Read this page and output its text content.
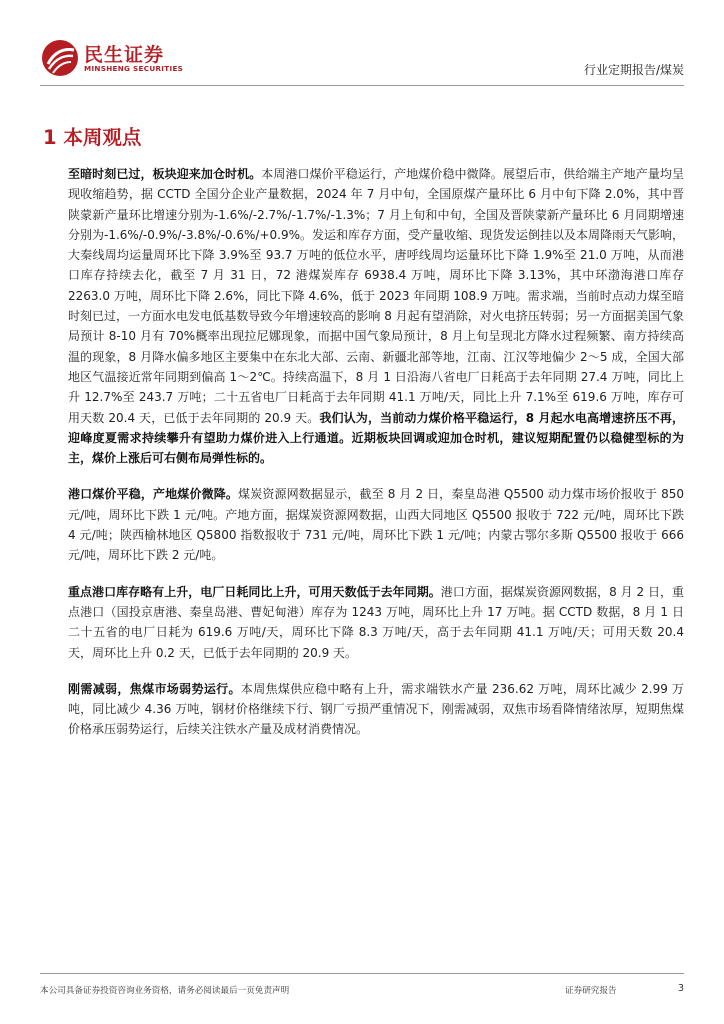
民生证券
MINSHENG SECURITIES	行业定期报告/煤炭
1 本周观点

至暗时刻已过，板块迎来加仓时机。本周港口煤价平稳运行，产地煤价稳中微降。展望后市，供给端主产地产量均呈现收缩趋势，据 CCTD 全国分企业产量数据，2024 年 7 月中旬，全国原煤产量环比 6 月中旬下降 2.0%，其中晋陕蒙新产量环比增速分别为-1.6%/-2.7%/-1.7%/-1.3%；7 月上旬和中旬，全国及晋陕蒙新产量环比 6 月同期增速分别为-1.6%/-0.9%/-3.8%/-0.6%/+0.9%。发运和库存方面，受产量收缩、现货发运倒挂以及本周降雨天气影响，大秦线周均运量周环比下降 3.9%至 93.7 万吨的低位水平，唐呼线周均运量环比下降 1.9%至 21.0 万吨，从而港口库存持续去化，截至 7 月 31 日，72 港煤炭库存 6938.4 万吨，周环比下降 3.13%，其中环渤海港口库存 2263.0 万吨，周环比下降 2.6%，同比下降 4.6%，低于 2023 年同期 108.9 万吨。需求端，当前时点动力煤至暗时刻已过，一方面水电发电低基数导致今年增速较高的影响 8 月起有望消除，对火电挤压转弱；另一方面据美国气象局预计 8-10 月有 70%概率出现拉尼娜现象，而据中国气象局预计，8 月上旬呈现北方降水过程频繁、南方持续高温的现象，8 月降水偏多地区主要集中在东北大部、云南、新疆北部等地，江南、江汉等地偏少 2～5 成，全国大部地区气温接近常年同期到偏高 1～2℃。持续高温下，8 月 1 日沿海八省电厂日耗高于去年同期 27.4 万吨，同比上升 12.7%至 243.7 万吨；二十五省电厂日耗高于去年同期 41.1 万吨/天，同比上升 7.1%至 619.6 万吨，库存可用天数 20.4 天，已低于去年同期的 20.9 天。我们认为，当前动力煤价格平稳运行，8 月起水电高增速挤压不再，迎峰度夏需求持续攀升有望助力煤价进入上行通道。近期板块回调或迎加仓时机，建议短期配置仍以稳健型标的为主，煤价上涨后可右侧布局弹性标的。

港口煤价平稳，产地煤价微降。煤炭资源网数据显示，截至 8 月 2 日，秦皇岛港 Q5500 动力煤市场价报收于 850 元/吨，周环比下跌 1 元/吨。产地方面，据煤炭资源网数据，山西大同地区 Q5500 报收于 722 元/吨，周环比下跌 4 元/吨；陕西榆林地区 Q5800 指数报收于 731 元/吨，周环比下跌 1 元/吨；内蒙古鄂尔多斯 Q5500 报收于 666 元/吨，周环比下跌 2 元/吨。

重点港口库存略有上升，电厂日耗同比上升，可用天数低于去年同期。港口方面，据煤炭资源网数据，8 月 2 日，重点港口（国投京唐港、秦皇岛港、曹妃甸港）库存为 1243 万吨，周环比上升 17 万吨。据 CCTD 数据，8 月 1 日二十五省的电厂日耗为 619.6 万吨/天，周环比下降 8.3 万吨/天，高于去年同期 41.1 万吨/天；可用天数 20.4 天，周环比上升 0.2 天，已低于去年同期的 20.9 天。

刚需减弱，焦煤市场弱势运行。本周焦煤供应稳中略有上升，需求端铁水产量 236.62 万吨，周环比减少 2.99 万吨，同比减少 4.36 万吨，钢材价格继续下行、钢厂亏损严重情况下，刚需减弱，双焦市场看降情绪浓厚，短期焦煤价格承压弱势运行，后续关注铁水产量及成材消费情况。

本公司具备证券投资咨询业务资格，请务必阅读最后一页免责声明	证券研究报告	3
